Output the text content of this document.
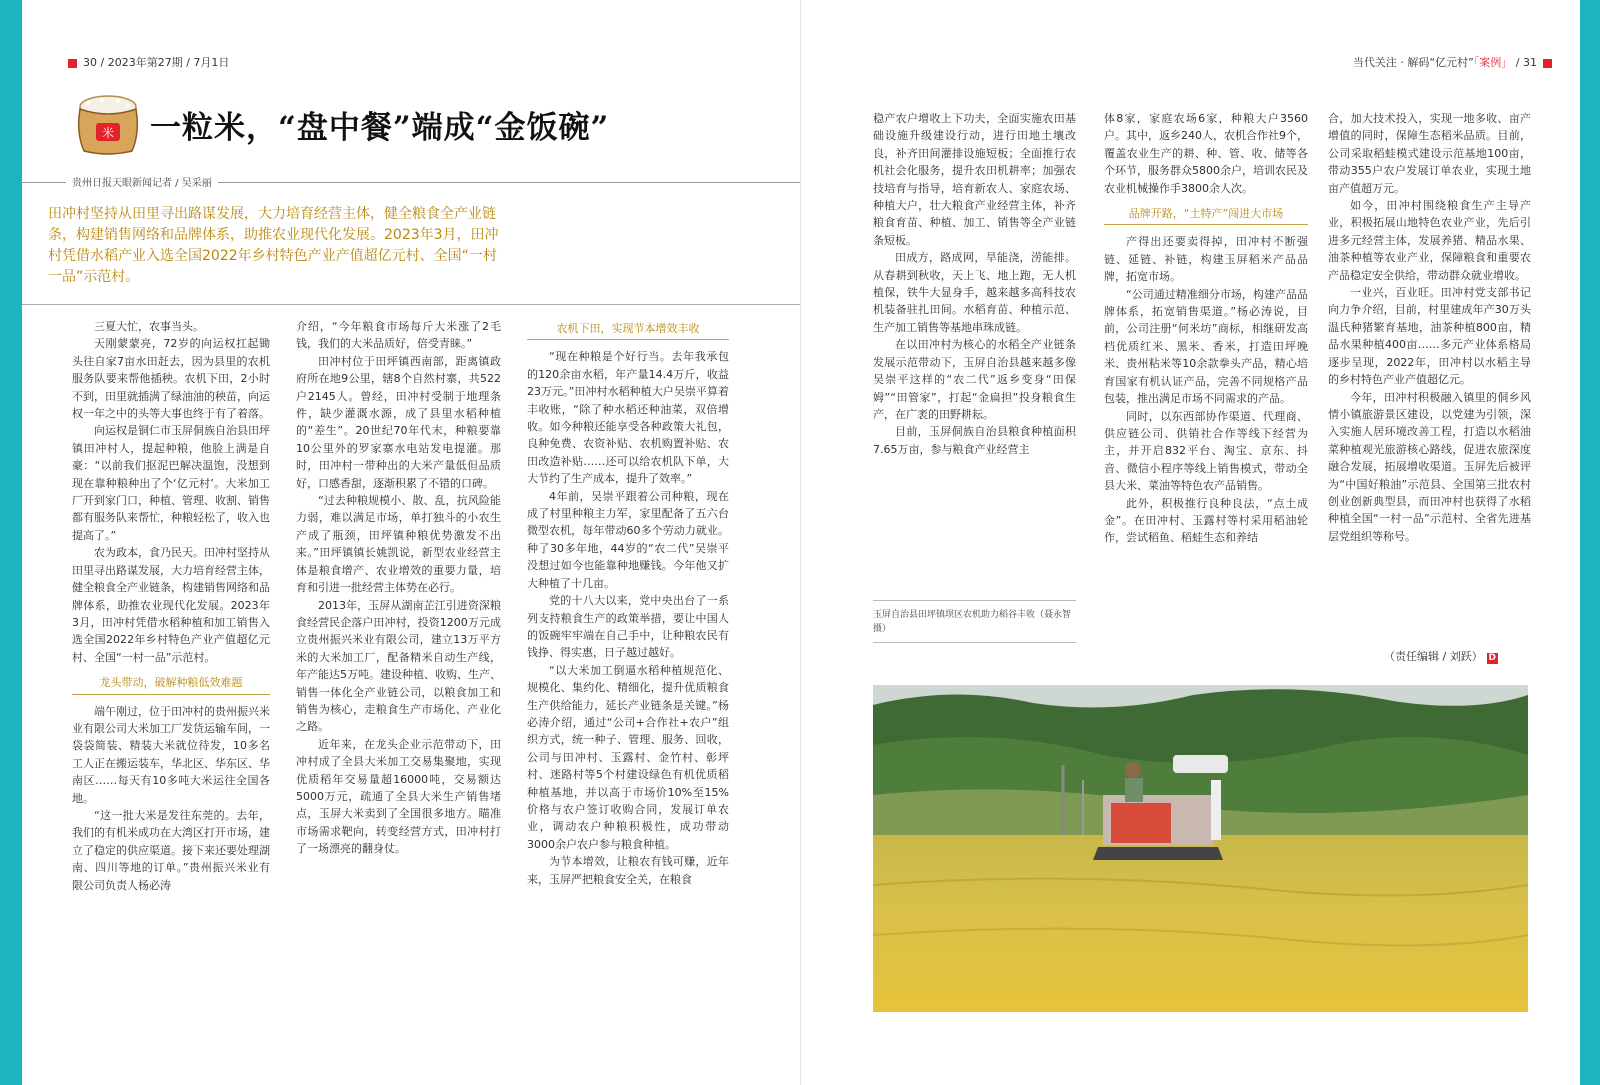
30 / 2023年第27期 / 7月1日	当代关注 · 解码“亿元村”「案例」 / 31
米 一粒米，“盘中餐”端成“金饭碗”
贵州日报天眼新闻记者 / 吴采丽
田冲村坚持从田里寻出路谋发展，大力培育经营主体，健全粮食全产业链条，构建销售网络和品牌体系，助推农业现代化发展。2023年3月，田冲村凭借水稻产业入选全国2022年乡村特色产业产值超亿元村、全国“一村一品”示范村。

三夏大忙，农事当头。

天刚蒙蒙亮，72岁的向运权扛起锄头往自家7亩水田赶去，因为县里的农机服务队要来帮他插秧。农机下田，2小时不到，田里就插满了绿油油的秧苗，向运权一年之中的头等大事也终于有了着落。

向运权是铜仁市玉屏侗族自治县田坪镇田冲村人，提起种粮，他脸上满是自豪：“以前我们抠泥巴解决温饱，没想到现在靠种粮种出了个‘亿元村’。大米加工厂开到家门口，种植、管理、收割、销售都有服务队来帮忙，种粮轻松了，收入也提高了。”

农为政本，食乃民天。田冲村坚持从田里寻出路谋发展，大力培育经营主体，健全粮食全产业链条，构建销售网络和品牌体系，助推农业现代化发展。2023年3月，田冲村凭借水稻种植和加工销售入选全国2022年乡村特色产业产值超亿元村、全国“一村一品”示范村。

龙头带动，破解种粮低效难题

端午刚过，位于田冲村的贵州振兴米业有限公司大米加工厂发货运输车间，一袋袋简装、精装大米就位待发，10多名工人正在搬运装车，华北区、华东区、华南区……每天有10多吨大米运往全国各地。

“这一批大米是发往东莞的。去年，我们的有机米成功在大湾区打开市场，建立了稳定的供应渠道。接下来还要处理湖南、四川等地的订单。”贵州振兴米业有限公司负责人杨必涛

介绍，“今年粮食市场每斤大米涨了2毛钱，我们的大米品质好，倍受青睐。”

田冲村位于田坪镇西南部，距离镇政府所在地9公里，辖8个自然村寨，共522户2145人。曾经，田冲村受制于地理条件，缺少灌溉水源，成了县里水稻种植的“差生”。20世纪70年代末，种粮要靠10公里外的罗家寨水电站发电提灌。那时，田冲村一带种出的大米产量低但品质好，口感香甜，逐渐积累了不错的口碑。

“过去种粮规模小、散、乱，抗风险能力弱，难以满足市场，单打独斗的小农生产成了瓶颈，田坪镇种粮优势激发不出来。”田坪镇镇长姚凯说，新型农业经营主体是粮食增产、农业增效的重要力量，培育和引进一批经营主体势在必行。

2013年，玉屏从湖南芷江引进资深粮食经营民企落户田冲村，投资1200万元成立贵州振兴米业有限公司，建立13万平方米的大米加工厂，配备精米自动生产线，年产能达5万吨。建设种植、收购、生产、销售一体化全产业链公司，以粮食加工和销售为核心，走粮食生产市场化、产业化之路。

近年来，在龙头企业示范带动下，田冲村成了全县大米加工交易集聚地，实现优质稻年交易量超16000吨，交易额达5000万元，疏通了全县大米生产销售堵点，玉屏大米卖到了全国很多地方。瞄准市场需求靶向，转变经营方式，田冲村打了一场漂亮的翻身仗。

农机下田，实现节本增效丰收

“现在种粮是个好行当。去年我承包的120余亩水稻，年产量14.4万斤，收益23万元。”田冲村水稻种植大户吴崇平算着丰收账，“除了种水稻还种油菜，双倍增收。如今种粮还能享受各种政策大礼包，良种免费、农资补贴、农机购置补贴、农田改造补贴……还可以给农机队下单，大大节约了生产成本，提升了效率。”

4年前，吴崇平跟着公司种粮，现在成了村里种粮主力军，家里配备了五六台微型农机，每年带动60多个劳动力就业。种了30多年地，44岁的“农二代”吴崇平没想过如今也能靠种地赚钱。今年他又扩大种植了十几亩。

党的十八大以来，党中央出台了一系列支持粮食生产的政策举措，要让中国人的饭碗牢牢端在自己手中，让种粮农民有钱挣、得实惠，日子越过越好。

“以大米加工倒逼水稻种植规范化、规模化、集约化、精细化，提升优质粮食生产供给能力，延长产业链条是关键。”杨必涛介绍，通过“公司+合作社+农户”组织方式，统一种子、管理、服务、回收，公司与田冲村、玉露村、金竹村、彰坪村、迷路村等5个村建设绿色有机优质稻种植基地，并以高于市场价10%至15%价格与农户签订收购合同，发展订单农业，调动农户种粮积极性，成功带动3000余户农户参与粮食种植。

为节本增效，让粮农有钱可赚，近年来，玉屏严把粮食安全关，在粮食

稳产农户增收上下功夫，全面实施农田基础设施升级建设行动，进行田地土壤改良，补齐田间灌排设施短板；全面推行农机社会化服务，提升农田机耕率；加强农技培育与指导，培育新农人、家庭农场、种植大户，壮大粮食产业经营主体，补齐粮食育苗、种植、加工、销售等全产业链条短板。

田成方，路成网，旱能浇，涝能排。从春耕到秋收，天上飞、地上跑，无人机植保，铁牛大显身手，越来越多高科技农机装备驻扎田间。水稻育苗、种植示范、生产加工销售等基地串珠成链。

在以田冲村为核心的水稻全产业链条发展示范带动下，玉屏自治县越来越多像吴崇平这样的“农二代”返乡变身“田保姆”“田管家”，打起“金扁担”投身粮食生产，在广袤的田野耕耘。

目前，玉屏侗族自治县粮食种植面积7.65万亩，参与粮食产业经营主

体8家，家庭农场6家，种粮大户3560户。其中，返乡240人，农机合作社9个，覆盖农业生产的耕、种、管、收、储等各个环节，服务群众5800余户，培训农民及农业机械操作手3800余人次。

品牌开路，“土特产”闯进大市场

产得出还要卖得掉，田冲村不断强链、延链、补链，构建玉屏稻米产品品牌，拓宽市场。

“公司通过精准细分市场，构建产品品牌体系，拓宽销售渠道。”杨必涛说，目前，公司注册“何米坊”商标，相继研发高档优质红米、黑米、香米，打造田坪晚米、贵州粘米等10余款拳头产品，精心培育国家有机认证产品，完善不同规格产品包装，推出满足市场不同需求的产品。

同时，以东西部协作渠道、代理商、供应链公司、供销社合作等线下经营为主，并开启832平台、淘宝、京东、抖音、微信小程序等线上销售模式，带动全县大米、菜油等特色农产品销售。

此外，积极推行良种良法，“点土成金”。在田冲村、玉露村等村采用稻油轮作，尝试稻鱼、稻蛙生态和养结

合，加大技术投入，实现一地多收、亩产增值的同时，保障生态稻米品质。目前，公司采取稻蛙模式建设示范基地100亩，带动355户农户发展订单农业，实现土地亩产值超万元。

如今，田冲村围绕粮食生产主导产业，积极拓展山地特色农业产业，先后引进多元经营主体，发展养猪、精品水果、油茶种植等农业产业，保障粮食和重要农产品稳定安全供给，带动群众就业增收。

一业兴，百业旺。田冲村党支部书记向力争介绍，目前，村里建成年产30万头温氏种猪繁育基地，油茶种植800亩，精品水果种植400亩……多元产业体系格局逐步呈现，2022年，田冲村以水稻主导的乡村特色产业产值超亿元。

今年，田冲村积极融入镇里的侗乡风情小镇旅游景区建设，以党建为引领，深入实施人居环境改善工程，打造以水稻油菜种植观光旅游核心路线，促进农旅深度融合发展，拓展增收渠道。玉屏先后被评为“中国好粮油”示范县、全国第三批农村创业创新典型县，而田冲村也获得了水稻种植全国“一村一品”示范村、全省先进基层党组织等称号。

（责任编辑 / 刘跃） D
玉屏自治县田坪镇坝区农机助力稻谷丰收（聂永智 摄）
